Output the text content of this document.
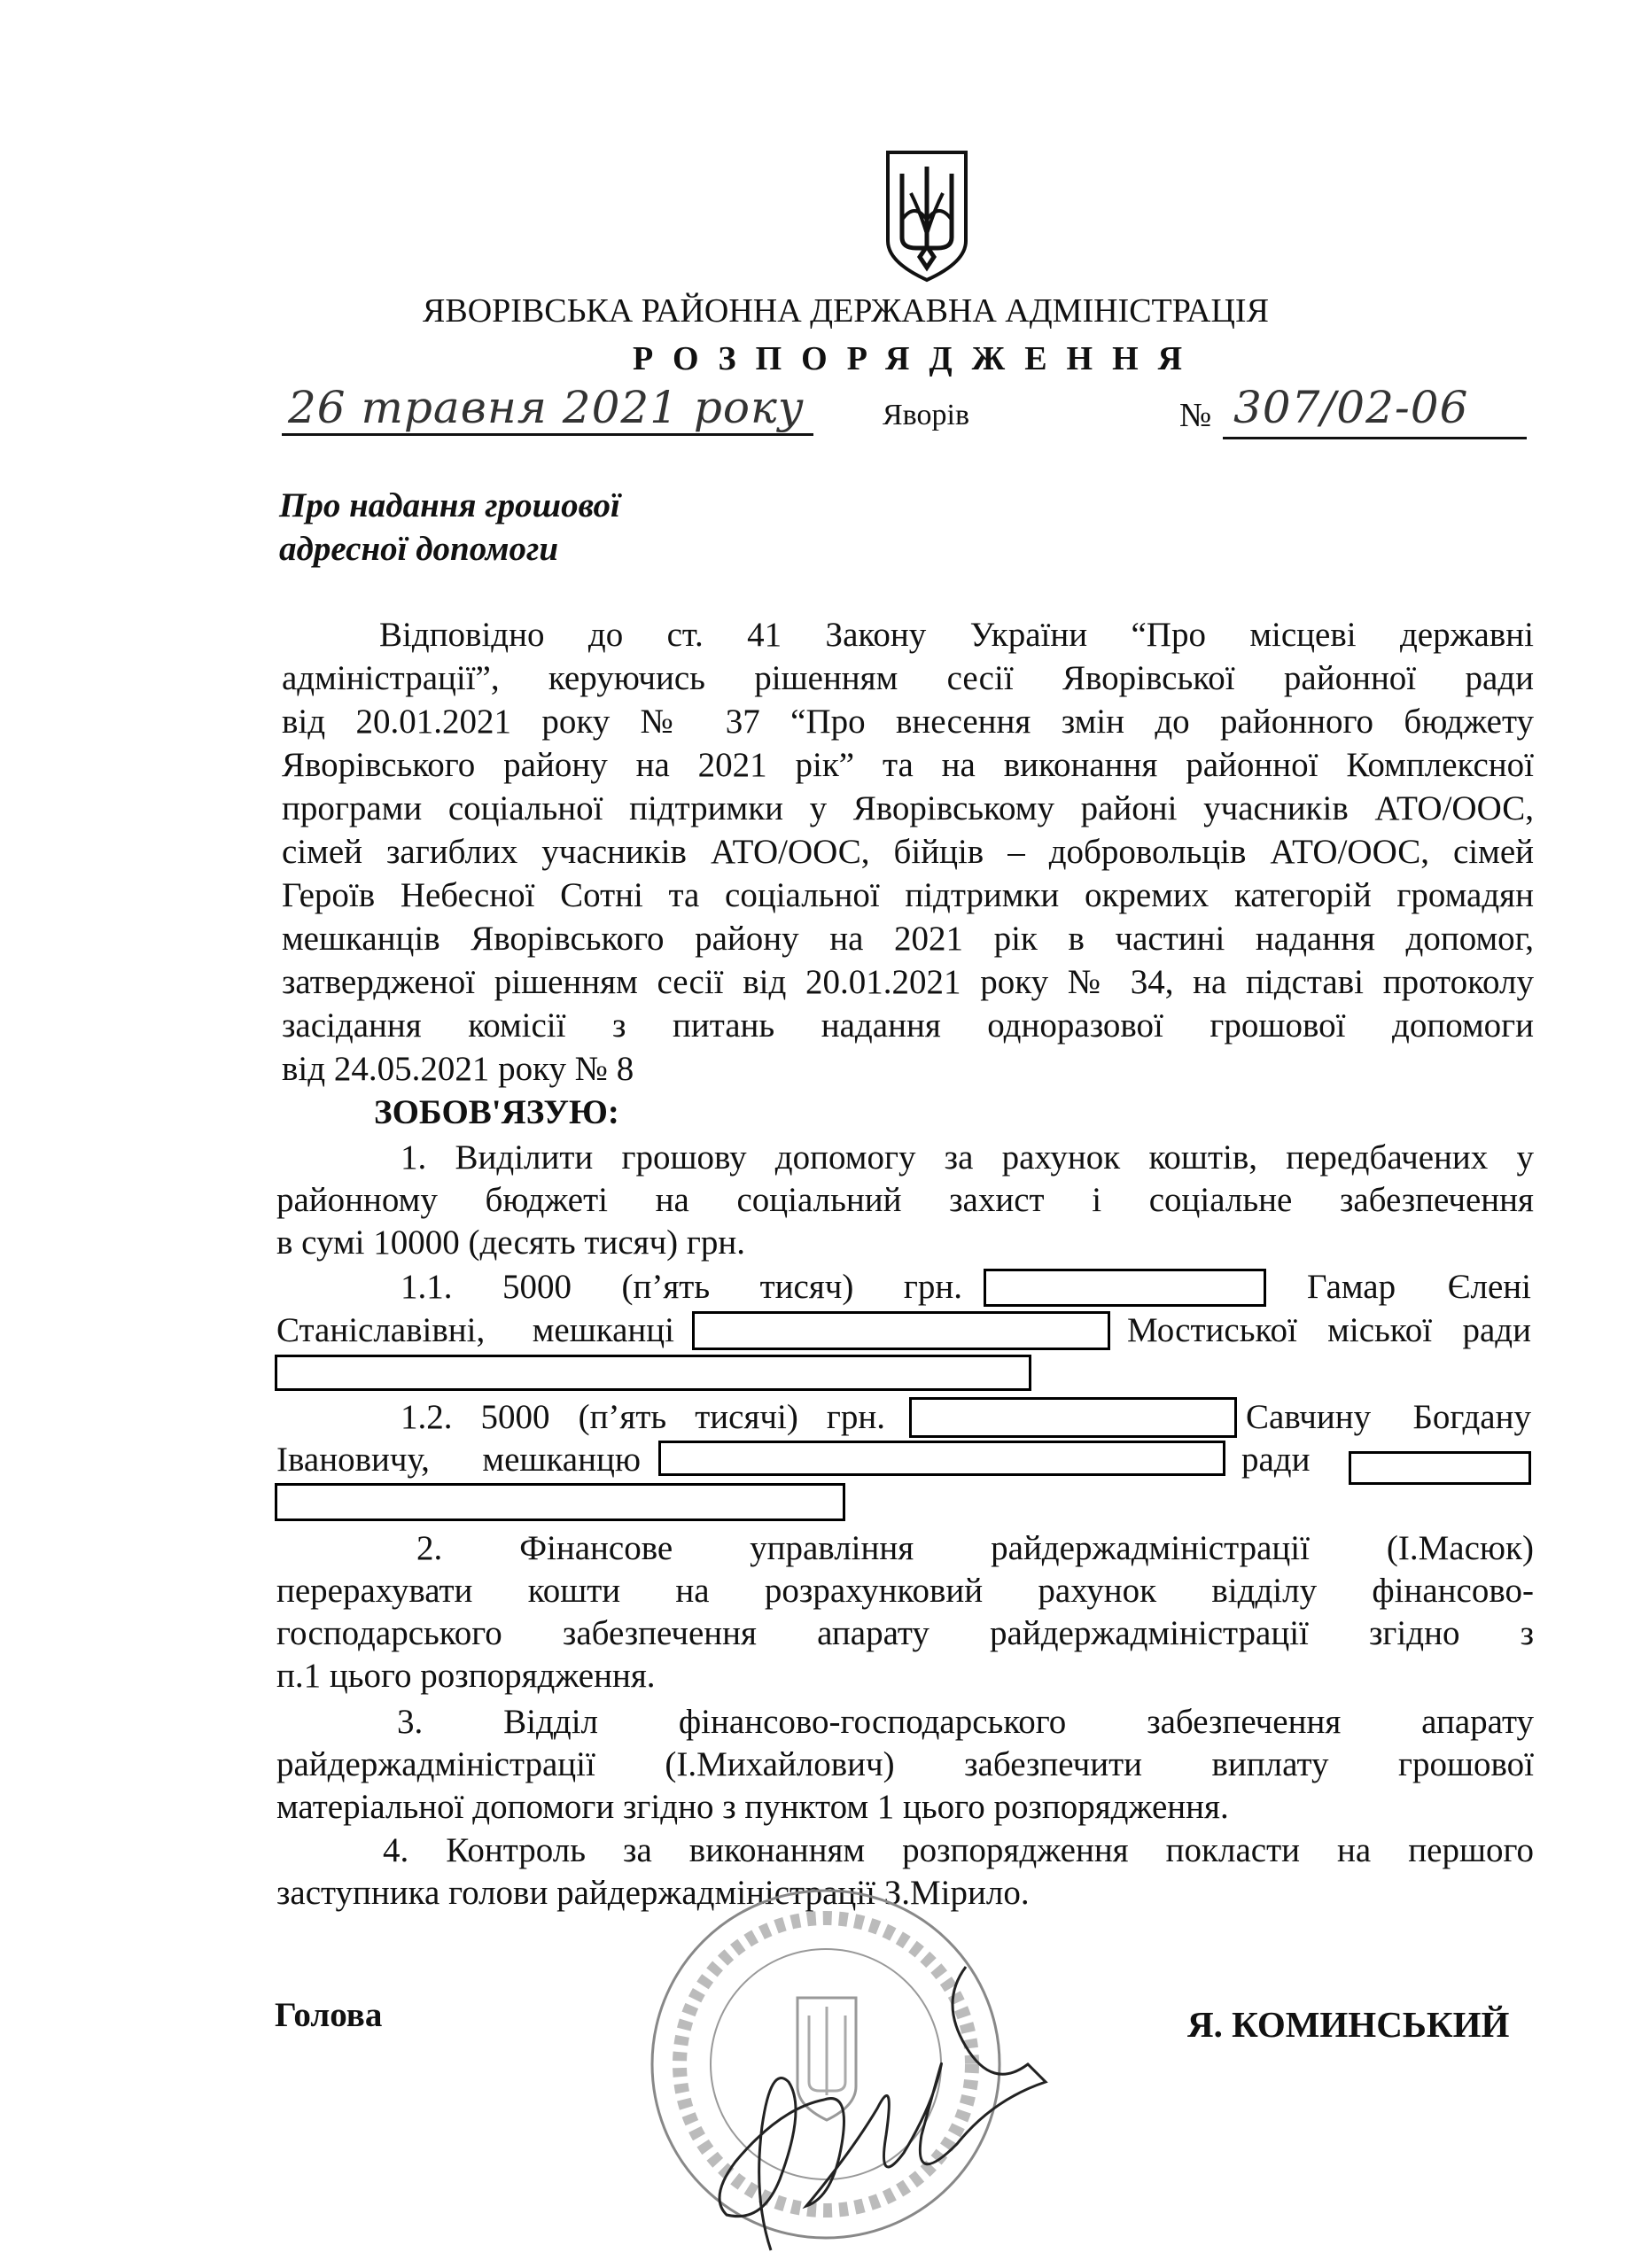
ЯВОРІВСЬКА РАЙОННА ДЕРЖАВНА АДМІНІСТРАЦІЯ
РОЗПОРЯДЖЕННЯ
26 травня 2021 року	Яворів	№ 307/02-06
Про надання грошової
адресної допомоги
Відповідно до ст. 41 Закону України “Про місцеві державні
адміністрації”, керуючись рішенням сесії Яворівської районної ради
від 20.01.2021 року № 37 “Про внесення змін до районного бюджету
Яворівського району на 2021 рік” та на виконання районної Комплексної
програми соціальної підтримки у Яворівському районі учасників АТО/ООС,
сімей загиблих учасників АТО/ООС, бійців – добровольців АТО/ООС, сімей
Героїв Небесної Сотні та соціальної підтримки окремих категорій громадян
мешканців Яворівського району на 2021 рік в частині надання допомог,
затвердженої рішенням сесії від 20.01.2021 року № 34, на підставі протоколу
засідання комісії з питань надання одноразової грошової допомоги
від 24.05.2021 року № 8
ЗОБОВ'ЯЗУЮ:
1. Виділити грошову допомогу за рахунок коштів, передбачених у
районному бюджеті на соціальний захист і соціальне забезпечення
в сумі 10000 (десять тисяч) грн.
1.1. 5000 (п’ять тисяч) грн.	Гамар Єлені
Станіславівні, мешканці	Мостиської міської ради
1.2. 5000 (п’ять тисячі) грн.	Савчину Богдану
Івановичу, мешканцю	ради
2. Фінансове управління райдержадміністрації (І.Масюк)
перерахувати кошти на розрахунковий рахунок відділу фінансово-
господарського забезпечення апарату райдержадміністрації згідно з
п.1 цього розпорядження.
3. Відділ фінансово-господарського забезпечення апарату
райдержадміністрації (І.Михайлович) забезпечити виплату грошової
матеріальної допомоги згідно з пунктом 1 цього розпорядження.
4. Контроль за виконанням розпорядження покласти на першого
заступника голови райдержадміністрації З.Мірило.
Голова	Я. КОМИНСЬКИЙ
